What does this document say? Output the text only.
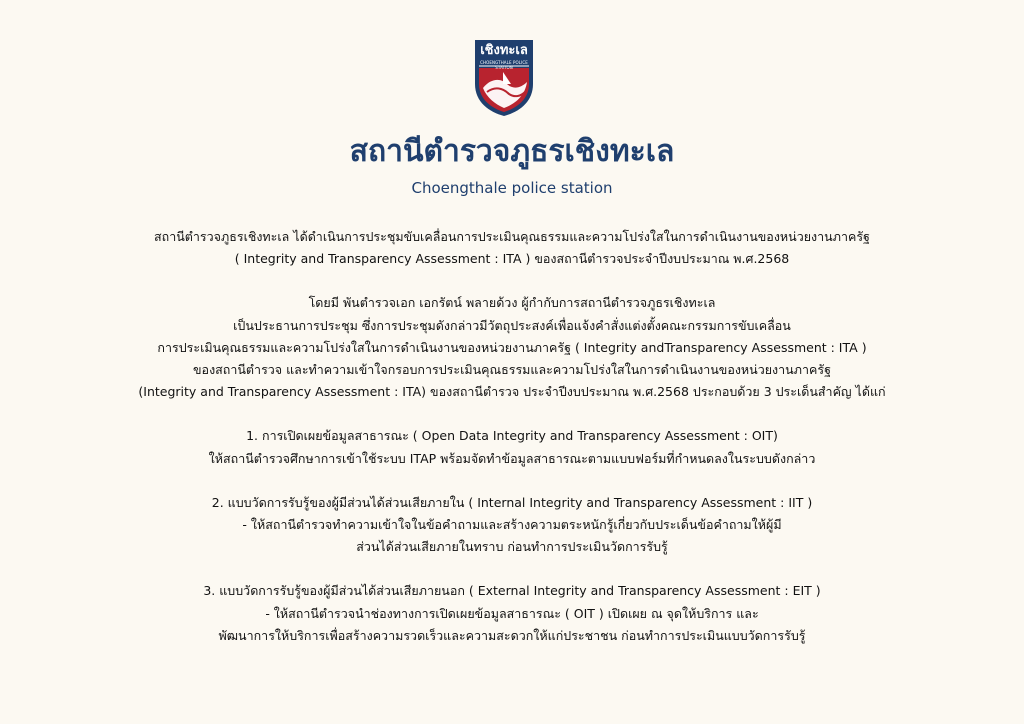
เชิงทะเล
CHOENGTHALE POLICE STATION
สถานีตำรวจภูธรเชิงทะเล
Choengthale police station

สถานีตำรวจภูธรเชิงทะเล ได้ดำเนินการประชุมขับเคลื่อนการประเมินคุณธรรมและความโปร่งใสในการดำเนินงานของหน่วยงานภาครัฐ

( Integrity and Transparency Assessment : ITA ) ของสถานีตำรวจประจำปีงบประมาณ พ.ศ.2568

โดยมี พันตำรวจเอก เอกรัตน์ พลายด้วง ผู้กำกับการสถานีตำรวจภูธรเชิงทะเล

เป็นประธานการประชุม ซึ่งการประชุมดังกล่าวมีวัตถุประสงค์เพื่อแจ้งคำสั่งแต่งตั้งคณะกรรมการขับเคลื่อน

การประเมินคุณธรรมและความโปร่งใสในการดำเนินงานของหน่วยงานภาครัฐ ( Integrity andTransparency Assessment : ITA )

ของสถานีตำรวจ และทำความเข้าใจกรอบการประเมินคุณธรรมและความโปร่งใสในการดำเนินงานของหน่วยงานภาครัฐ

(Integrity and Transparency Assessment : ITA) ของสถานีตำรวจ ประจำปีงบประมาณ พ.ศ.2568 ประกอบด้วย 3 ประเด็นสำคัญ ได้แก่

1. การเปิดเผยข้อมูลสาธารณะ ( Open Data Integrity and Transparency Assessment : OIT)

ให้สถานีตำรวจศึกษาการเข้าใช้ระบบ ITAP พร้อมจัดทำข้อมูลสาธารณะตามแบบฟอร์มที่กำหนดลงในระบบดังกล่าว

2. แบบวัดการรับรู้ของผู้มีส่วนได้ส่วนเสียภายใน ( Internal Integrity and Transparency Assessment : IIT )

- ให้สถานีตำรวจทำความเข้าใจในข้อคำถามและสร้างความตระหนักรู้เกี่ยวกับประเด็นข้อคำถามให้ผู้มี

ส่วนได้ส่วนเสียภายในทราบ ก่อนทำการประเมินวัดการรับรู้

3. แบบวัดการรับรู้ของผู้มีส่วนได้ส่วนเสียภายนอก ( External Integrity and Transparency Assessment : EIT )

- ให้สถานีตำรวจนำช่องทางการเปิดเผยข้อมูลสาธารณะ ( OIT ) เปิดเผย ณ จุดให้บริการ และ

พัฒนาการให้บริการเพื่อสร้างความรวดเร็วและความสะดวกให้แก่ประชาชน ก่อนทำการประเมินแบบวัดการรับรู้
